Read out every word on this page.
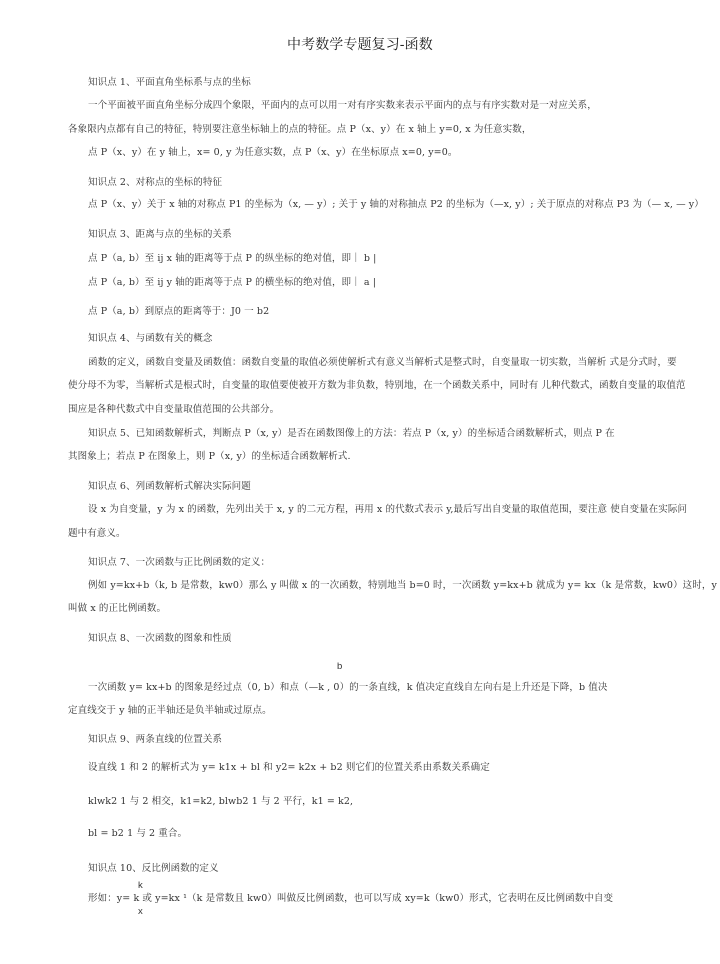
中考数学专题复习-函数
知识点 1、平面直角坐标系与点的坐标
一个平面被平面直角坐标分成四个象限，平面内的点可以用一对有序实数来表示平面内的点与有序实数对是一对应关系，
各象限内点都有自己的特征，特别要注意坐标轴上的点的特征。点 P（x、y）在 x 轴上 y=0, x 为任意实数，
点 P（x、y）在 y 轴上，x= 0, y 为任意实数，点 P（x、y）在坐标原点 x=0, y=0。
知识点 2、对称点的坐标的特征
点 P（x、y）关于 x 轴的对称点 P1 的坐标为（x, — y）; 关于 y 轴的对称抽点 P2 的坐标为（—x, y）; 关于原点的对称点 P3 为（— x, — y）
知识点 3、距离与点的坐标的关系
点 P（a, b）至 ij x 轴的距离等于点 P 的纵坐标的绝对值，即｜ b |
点 P（a, b）至 ij y 轴的距离等于点 P 的横坐标的绝对值，即｜ a |
点 P（a, b）到原点的距离等于：J0 一 b2
知识点 4、与函数有关的概念
函数的定义，函数自变量及函数值：函数自变量的取值必须使解析式有意义当解析式是整式时，自变量取一切实数，当解析 式是分式时，要
使分母不为零，当解析式是根式时，自变量的取值要使被开方数为非负数，特别地，在一个函数关系中，同时有 儿种代数式，函数自变量的取值范
围应是各种代数式中自变量取值范围的公共部分。
知识点 5、已知函数解析式，判断点 P（x, y）是否在函数图像上的方法：若点 P（x, y）的坐标适合函数解析式，则点 P 在
其图象上；若点 P 在图象上，则 P（x, y）的坐标适合函数解析式.
知识点 6、列函数解析式解决实际问题
设 x 为自变量，y 为 x 的函数，先列出关于 x, y 的二元方程，再用 x 的代数式表示 y,最后写出自变量的取值范围，要注意 使自变量在实际问
题中有意义。
知识点 7、一次函数与正比例函数的定义：
例如 y=kx+b（k, b 是常数，kw0）那么 y 叫做 x 的一次函数，特别地当 b=0 时，一次函数 y=kx+b 就成为 y= kx（k 是常数，kw0）这时，y
叫做 x 的正比例函数。
知识点 8、一次函数的图象和性质
b
一次函数 y= kx+b 的图象是经过点（0, b）和点（—k , 0）的一条直线，k 值决定直线自左向右是上升还是下降，b 值决
定直线交于 y 轴的正半轴还是负半轴或过原点。
知识点 9、两条直线的位置关系
设直线 1 和 2 的解析式为 y= k1x + bl 和 y2= k2x + b2 则它们的位置关系由系数关系确定
klwk2 1 与 2 相交，k1=k2, blwb2 1 与 2 平行，k1 = k2,
bl = b2 1 与 2 重合。
知识点 10、反比例函数的定义
k
形如：y= k 或 y=kx ¹（k 是常数且 kw0）叫做反比例函数，也可以写成 xy=k（kw0）形式，它表明在反比例函数中自变
x
